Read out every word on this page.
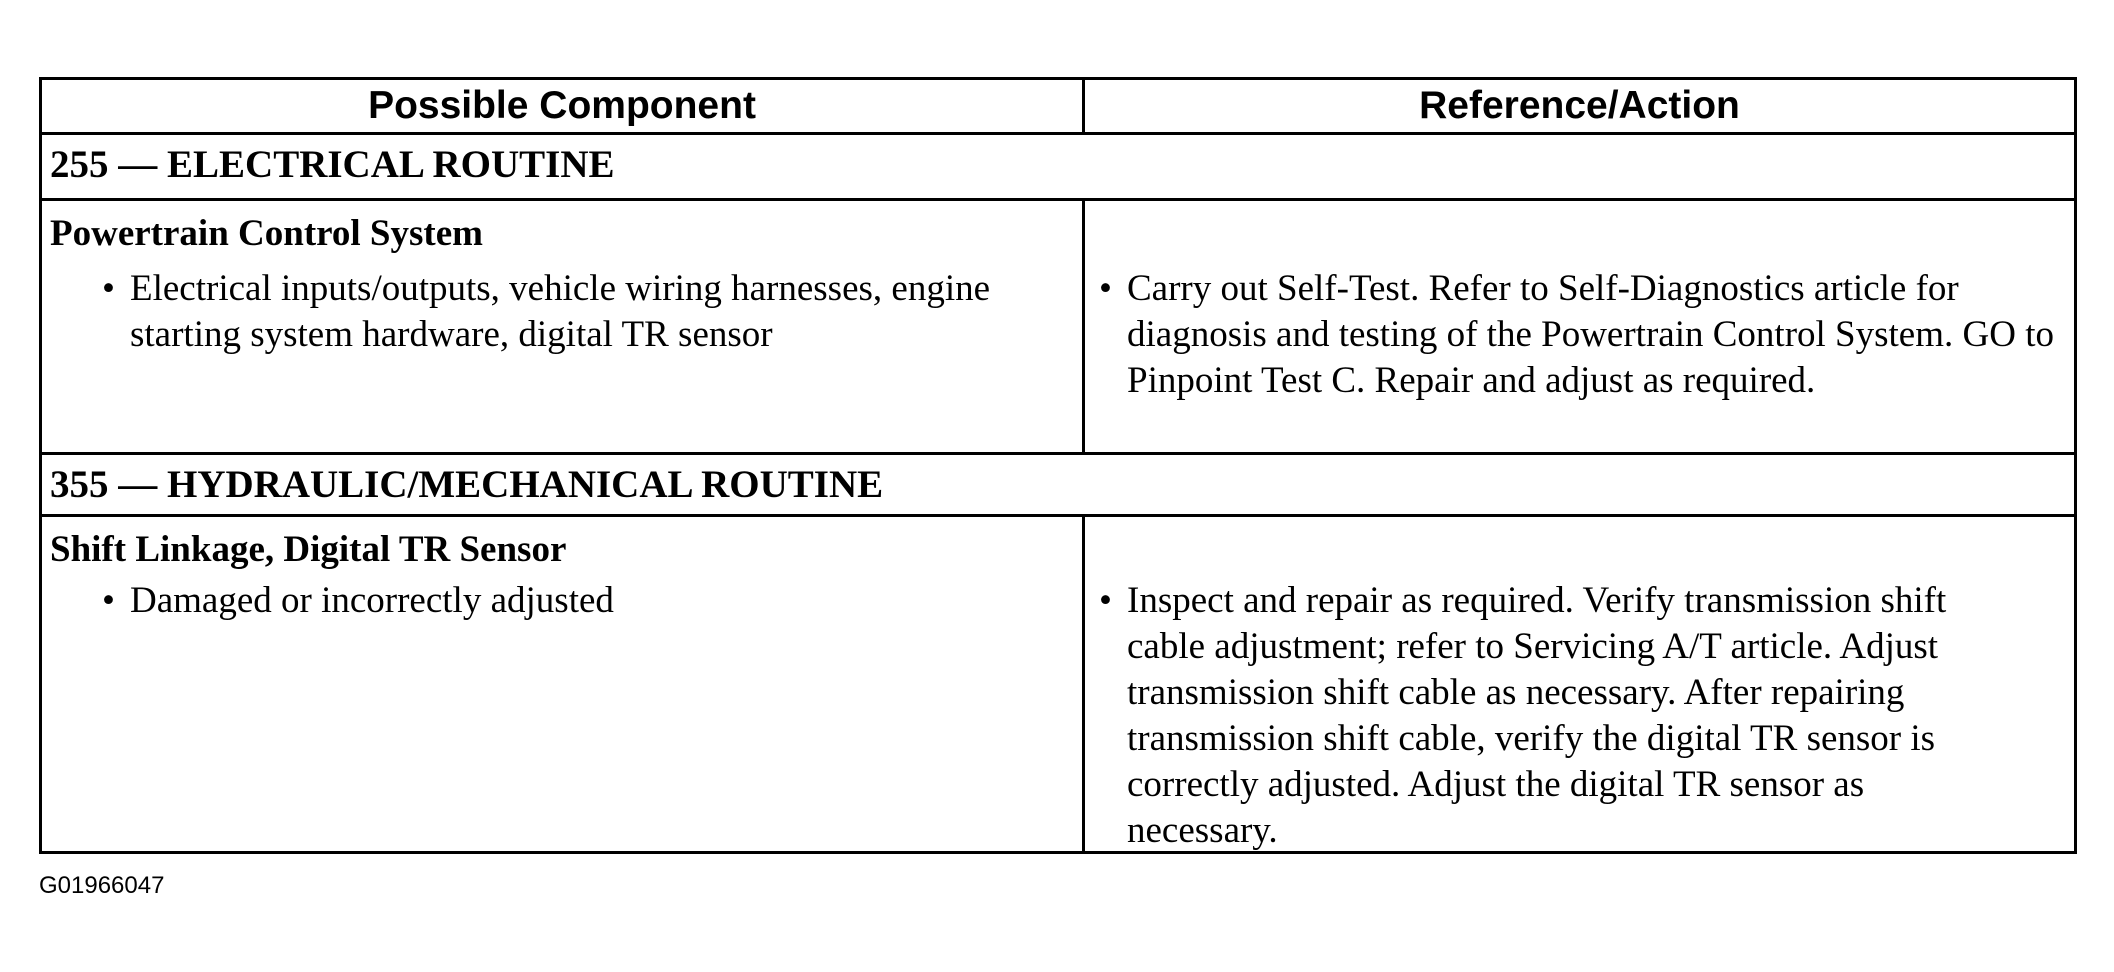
Possible Component	Reference/Action
255 — ELECTRICAL ROUTINE
Powertrain Control System
• Electrical inputs/outputs, vehicle wiring harnesses, engine starting system hardware, digital TR sensor
• Carry out Self-Test. Refer to Self-Diagnostics article for diagnosis and testing of the Powertrain Control System. GO to Pinpoint Test C. Repair and adjust as required.
355 — HYDRAULIC/MECHANICAL ROUTINE
Shift Linkage, Digital TR Sensor
• Damaged or incorrectly adjusted	• Inspect and repair as required. Verify transmission shift cable adjustment; refer to Servicing A/T article. Adjust transmission shift cable as necessary. After repairing transmission shift cable, verify the digital TR sensor is correctly adjusted. Adjust the digital TR sensor as necessary.
G01966047
